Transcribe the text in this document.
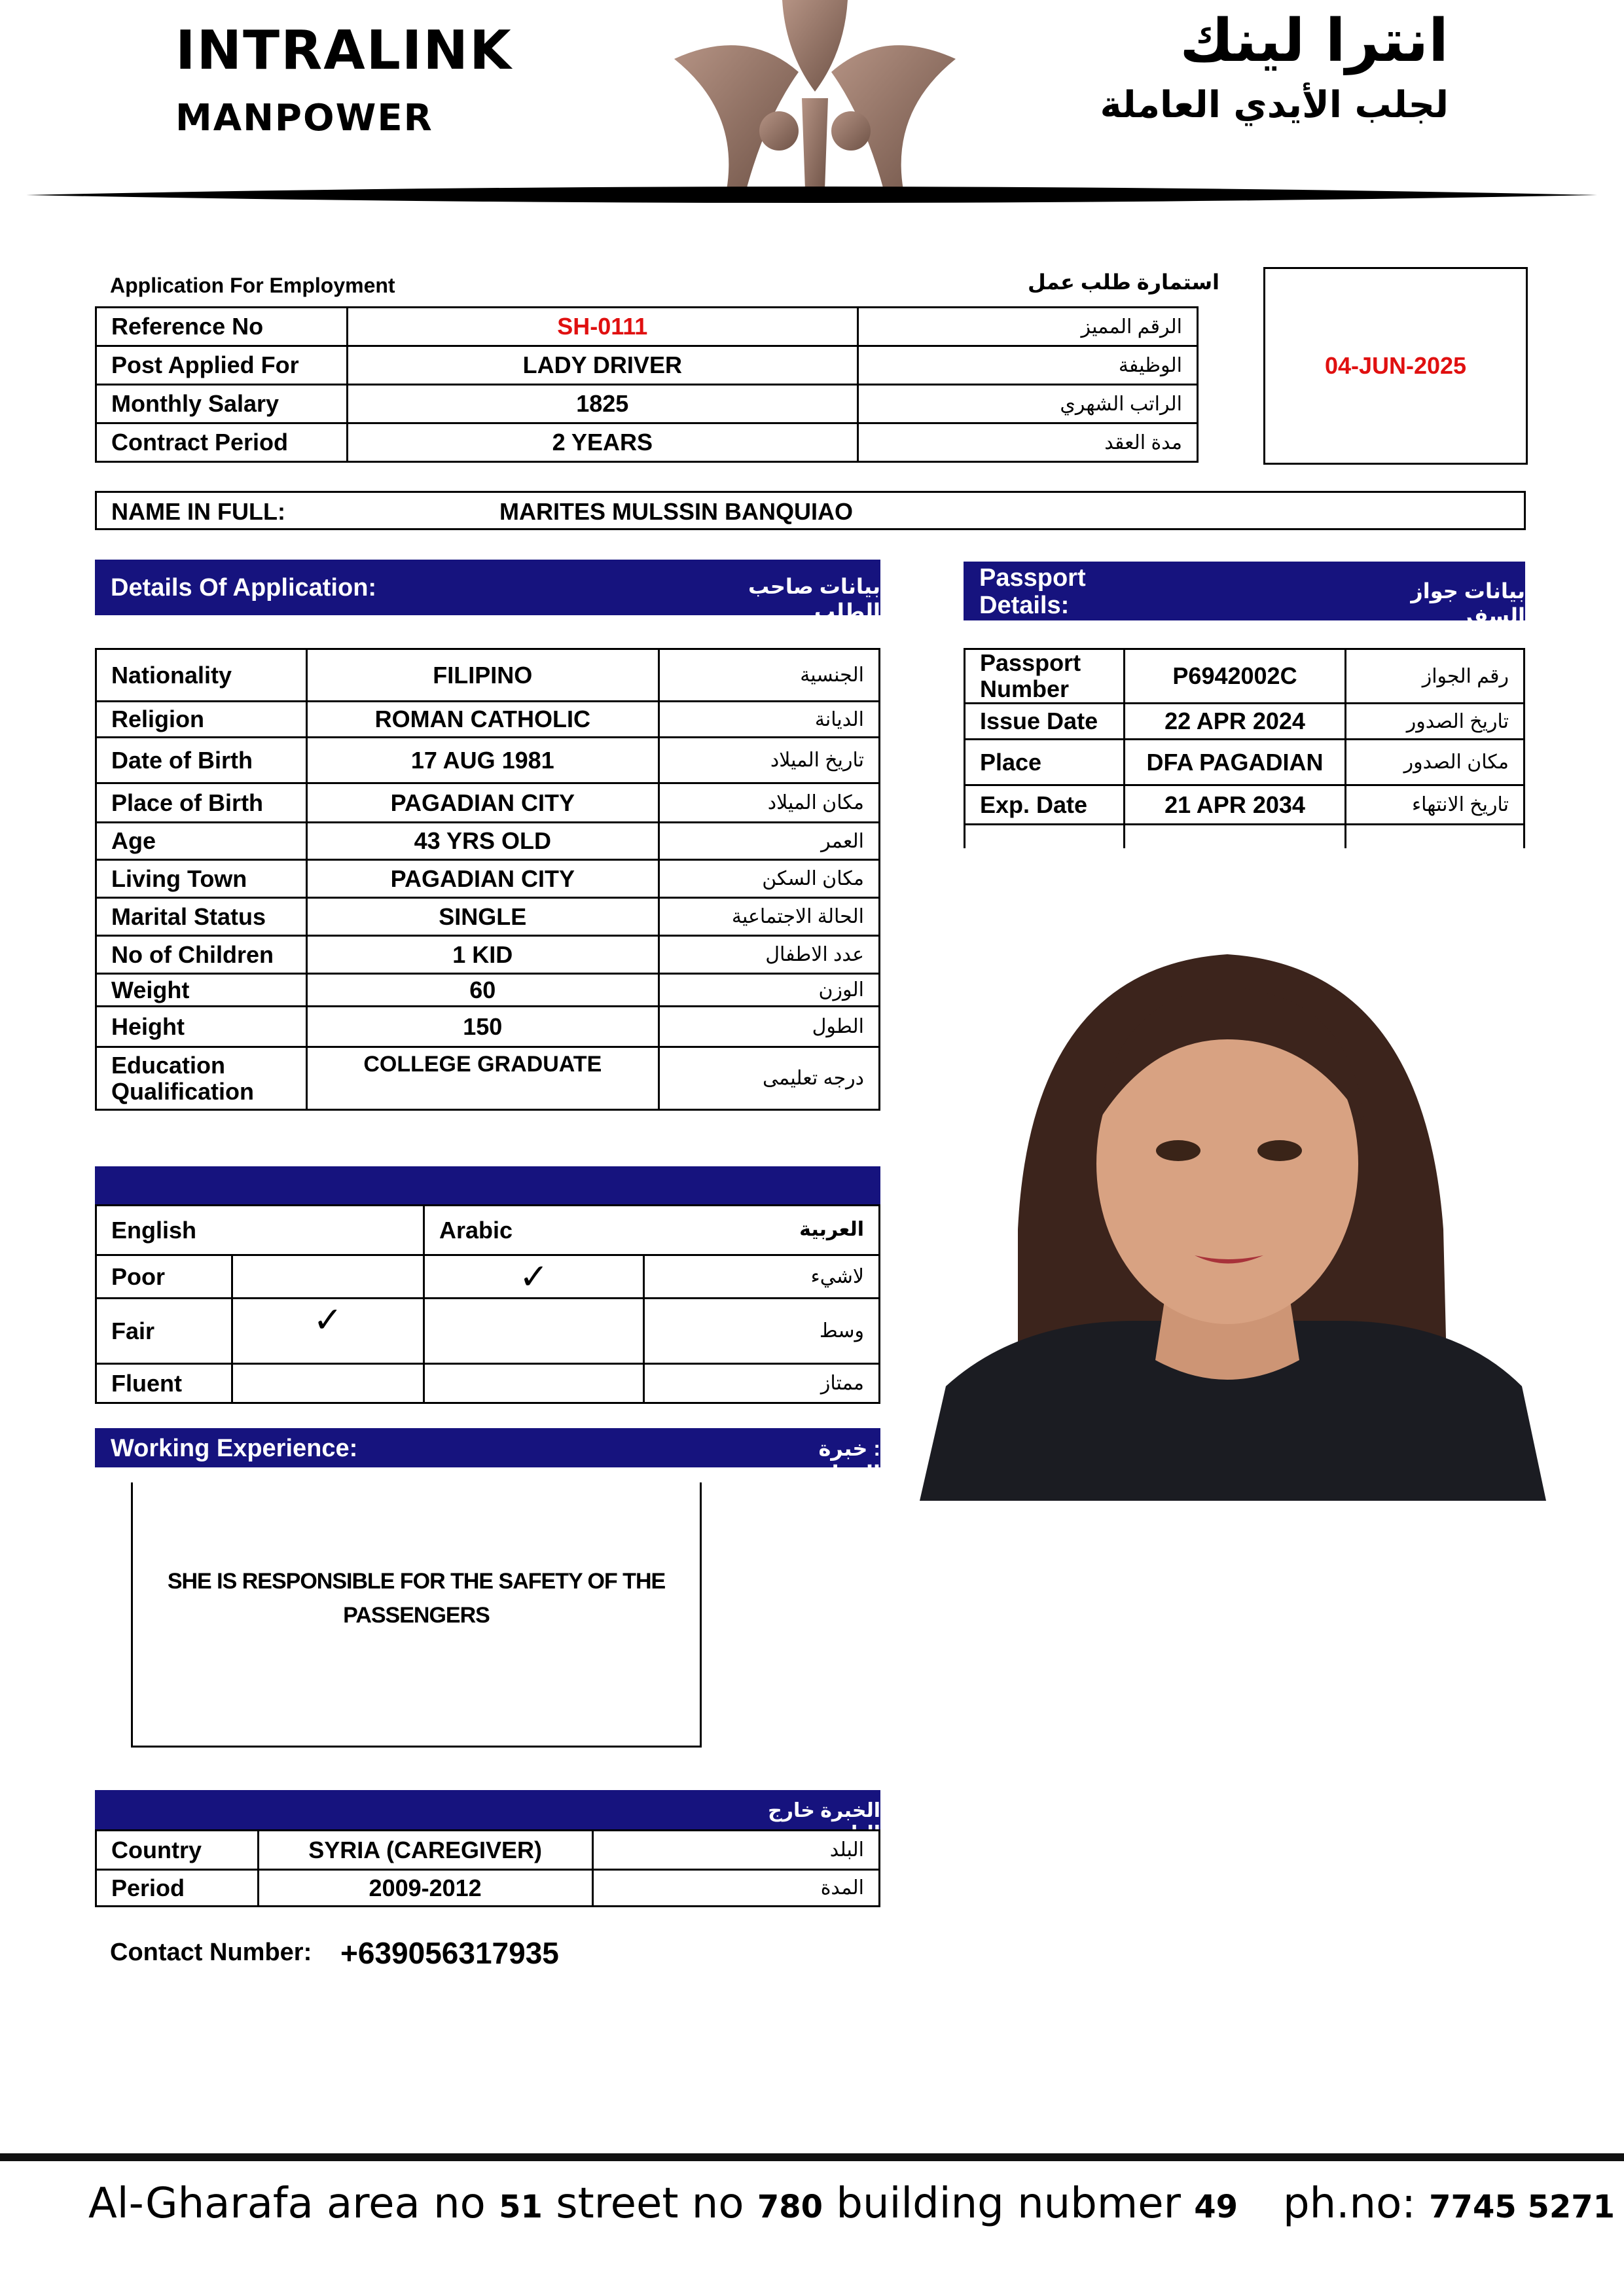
INTRALINK
MANPOWER
انترا لينك
لجلب الأيدي العاملة
Application For Employment	استمارة طلب عمل
Reference No	SH-0111	الرقم المميز
Post Applied For	LADY DRIVER	الوظيفة
Monthly Salary	1825	الراتب الشهري
Contract Period	2 YEARS	مدة العقد
04-JUN-2025
NAME IN FULL:	MARITES MULSSIN BANQUIAO
Details Of Application:	بيانات صاحب الطلب
Passport Details:
بيانات جواز السفر
Nationality	FILIPINO	الجنسية
Religion	ROMAN CATHOLIC	الديانة
Date of Birth	17 AUG 1981	تاريخ الميلاد
Place of Birth	PAGADIAN CITY	مكان الميلاد
Age	43 YRS OLD	العمر
Living Town	PAGADIAN CITY	مكان السكن
Marital Status	SINGLE	الحالة الاجتماعية
No of Children	1 KID	عدد الاطفال
Weight	60	الوزن
Height	150	الطول
Education Qualification	COLLEGE GRADUATE	درجه تعليمى
Passport Number	P6942002C	رقم الجواز
Issue Date	22 APR 2024	تاريخ الصدور
Place	DFA PAGADIAN	مكان الصدور
Exp. Date	21 APR 2034	تاريخ الانتهاء

English		Arabic العربية	

Poor		✓	لاشيء
Fair	✓		وسط
Fluent			ممتاز
Working Experience:	: خبرة العمل
SHE IS RESPONSIBLE FOR THE SAFETY OF THE PASSENGERS
الخبرة خارج البلد
Country	SYRIA (CAREGIVER)	البلد
Period	2009-2012	المدة
Contact Number: +639056317935
Al-Gharafa area no 51 street no 780 building nubmer 49 ph.no: 7745 5271
